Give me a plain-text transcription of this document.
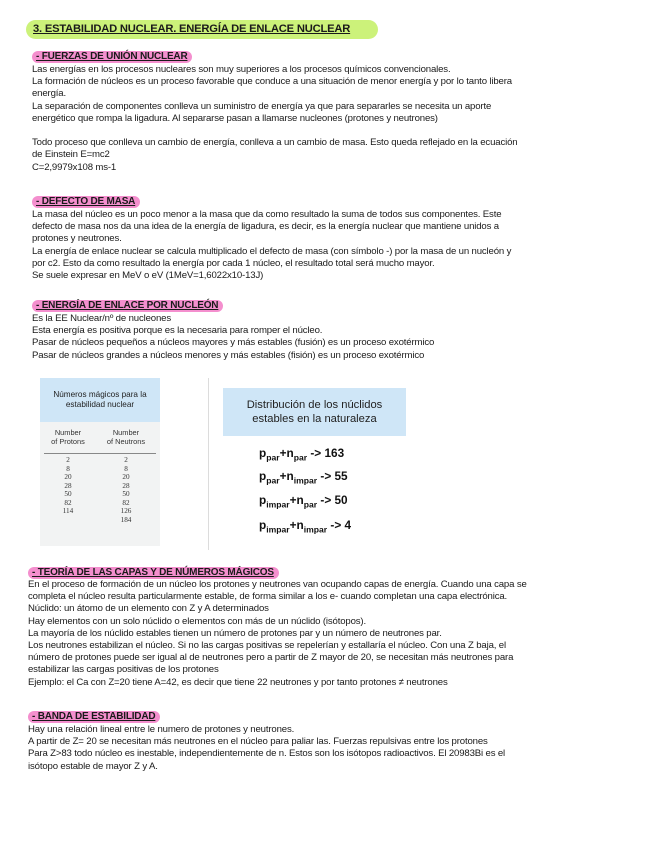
3. ESTABILIDAD NUCLEAR. ENERGÍA DE ENLACE NUCLEAR
- FUERZAS DE UNIÓN NUCLEAR
Las energías en los procesos nucleares son muy superiores a los procesos químicos convencionales.
La formación de núcleos es un proceso favorable que conduce a una situación de menor energía y por lo tanto libera
energía.
La separación de componentes conlleva un suministro de energía ya que para separarles se necesita un aporte
energético que rompa la ligadura. Al separarse pasan a llamarse nucleones (protones y neutrones)

Todo proceso que conlleva un cambio de energía, conlleva a un cambio de masa. Esto queda reflejado en la ecuación
de Einstein E=mc2
C=2,9979x108 ms-1
- DEFECTO DE MASA
La masa del núcleo es un poco menor a la masa que da como resultado la suma de todos sus componentes. Este
defecto de masa nos da una idea de la energía de ligadura, es decir, es la energía nuclear que mantiene unidos a
protones y neutrones.
La energía de enlace nuclear se calcula multiplicado el defecto de masa (con símbolo -) por la masa de un nucleón y
por c2. Esto da como resultado la energía por cada 1 núcleo, el resultado total será mucho mayor.
Se suele expresar en MeV o eV (1MeV=1,6022x10-13J)
- ENERGÍA DE ENLACE POR NUCLEÓN
Es la EE Nuclear/nº de nucleones
Esta energía es positiva porque es la necesaria para romper el núcleo.
Pasar de núcleos pequeños a núcleos mayores y más estables (fusión) es un proceso exotérmico
Pasar de núcleos grandes a núcleos menores y más estables (fisión) es un proceso exotérmico
Números mágicos para la
estabilidad nuclear
Number
of Protons
Number
of Neutrons
2
8
20
28
50
82
114
2
8
20
28
50
82
126
184
Distribución de los núclidos
estables en la naturaleza
$p_{par}+n_{par} -> 163$
$p_{par}+n_{impar} -> 55$
$p_{impar}+n_{par} -> 50$
$p_{impar}+n_{impar} -> 4$
- TEORÍA DE LAS CAPAS Y DE NÚMEROS MÁGICOS
En el proceso de formación de un núcleo los protones y neutrones van ocupando capas de energía. Cuando una capa se
completa el núcleo resulta particularmente estable, de forma similar a los e- cuando completan una capa electrónica.
Núclido: un átomo de un elemento con Z y A determinados
Hay elementos con un solo núclido o elementos con más de un núclido (isótopos).
La mayoría de los núclido estables tienen un número de protones par y un número de neutrones par.
Los neutrones estabilizan el núcleo. Si no las cargas positivas se repelerían y estallaría el núcleo. Con una Z baja, el
número de protones puede ser igual al de neutrones pero a partir de Z mayor de 20, se necesitan más neutrones para
estabilizar las cargas positivas de los protones
Ejemplo: el Ca con Z=20 tiene A=42, es decir que tiene 22 neutrones y por tanto protones ≠ neutrones
- BANDA DE ESTABILIDAD
Hay una relación lineal entre le numero de protones y neutrones.
A partir de Z= 20 se necesitan más neutrones en el núcleo para paliar las. Fuerzas repulsivas entre los protones
Para Z>83 todo núcleo es inestable, independientemente de n. Estos son los isótopos radioactivos. El 20983Bi es el
isótopo estable de mayor Z y A.
